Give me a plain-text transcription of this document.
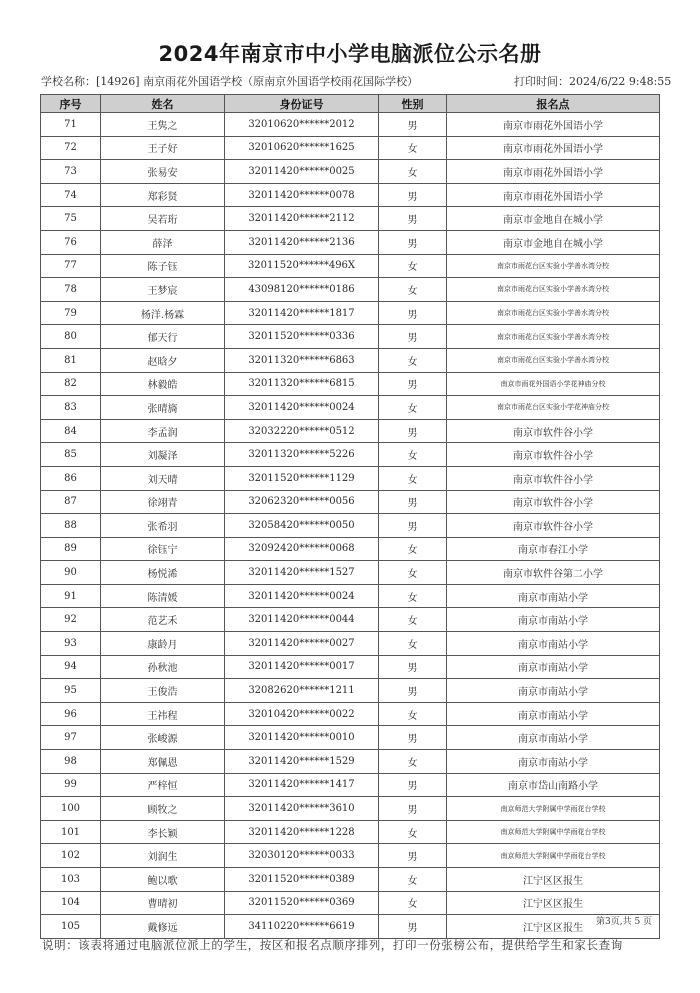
2024年南京市中小学电脑派位公示名册
学校名称：[14926] 南京雨花外国语学校（原南京外国语学校雨花国际学校）	打印时间：2024/6/22 9:48:55
序号	姓名	身份证号	性别	报名点
71	王隽之	32010620******2012	男	南京市雨花外国语小学
72	王子好	32010620******1625	女	南京市雨花外国语小学
73	张易安	32011420******0025	女	南京市雨花外国语小学
74	郑彩贤	32011420******0078	男	南京市雨花外国语小学
75	吴若珩	32011420******2112	男	南京市金地自在城小学
76	薛泽	32011420******2136	男	南京市金地自在城小学
77	陈子钰	32011520******496X	女	南京市雨花台区实验小学善水湾分校
78	王梦宸	43098120******0186	女	南京市雨花台区实验小学善水湾分校
79	杨洋.杨霖	32011420******1817	男	南京市雨花台区实验小学善水湾分校
80	郁天行	32011520******0336	男	南京市雨花台区实验小学善水湾分校
81	赵晗夕	32011320******6863	女	南京市雨花台区实验小学善水湾分校
82	林毅皓	32011320******6815	男	南京市雨花外国语小学花神庙分校
83	张晴旖	32011420******0024	女	南京市雨花台区实验小学花神庙分校
84	李孟润	32032220******0512	男	南京市软件谷小学
85	刘凝泽	32011320******5226	女	南京市软件谷小学
86	刘天晴	32011520******1129	女	南京市软件谷小学
87	徐翊青	32062320******0056	男	南京市软件谷小学
88	张希羽	32058420******0050	男	南京市软件谷小学
89	徐钰宁	32092420******0068	女	南京市春江小学
90	杨悦浠	32011420******1527	女	南京市软件谷第二小学
91	陈清媛	32011420******0024	女	南京市南站小学
92	范艺禾	32011420******0044	女	南京市南站小学
93	康龄月	32011420******0027	女	南京市南站小学
94	孙秋池	32011420******0017	男	南京市南站小学
95	王俊浩	32082620******1211	男	南京市南站小学
96	王祎程	32010420******0022	女	南京市南站小学
97	张峻源	32011420******0010	男	南京市南站小学
98	郑佩恩	32011420******1529	女	南京市南站小学
99	严梓恒	32011420******1417	男	南京市岱山南路小学
100	顾牧之	32011420******3610	男	南京师范大学附属中学雨花台学校
101	李长颖	32011420******1228	女	南京师范大学附属中学雨花台学校
102	刘润生	32030120******0033	男	南京师范大学附属中学雨花台学校
103	鲍以歌	32011520******0389	女	江宁区区报生
104	曹晴初	32011520******0369	女	江宁区区报生
105	戴修远	34110220******6619	男	江宁区区报生
第3页,共 5 页
说明：该表将通过电脑派位派上的学生，按区和报名点顺序排列，打印一份张榜公布，提供给学生和家长查询
